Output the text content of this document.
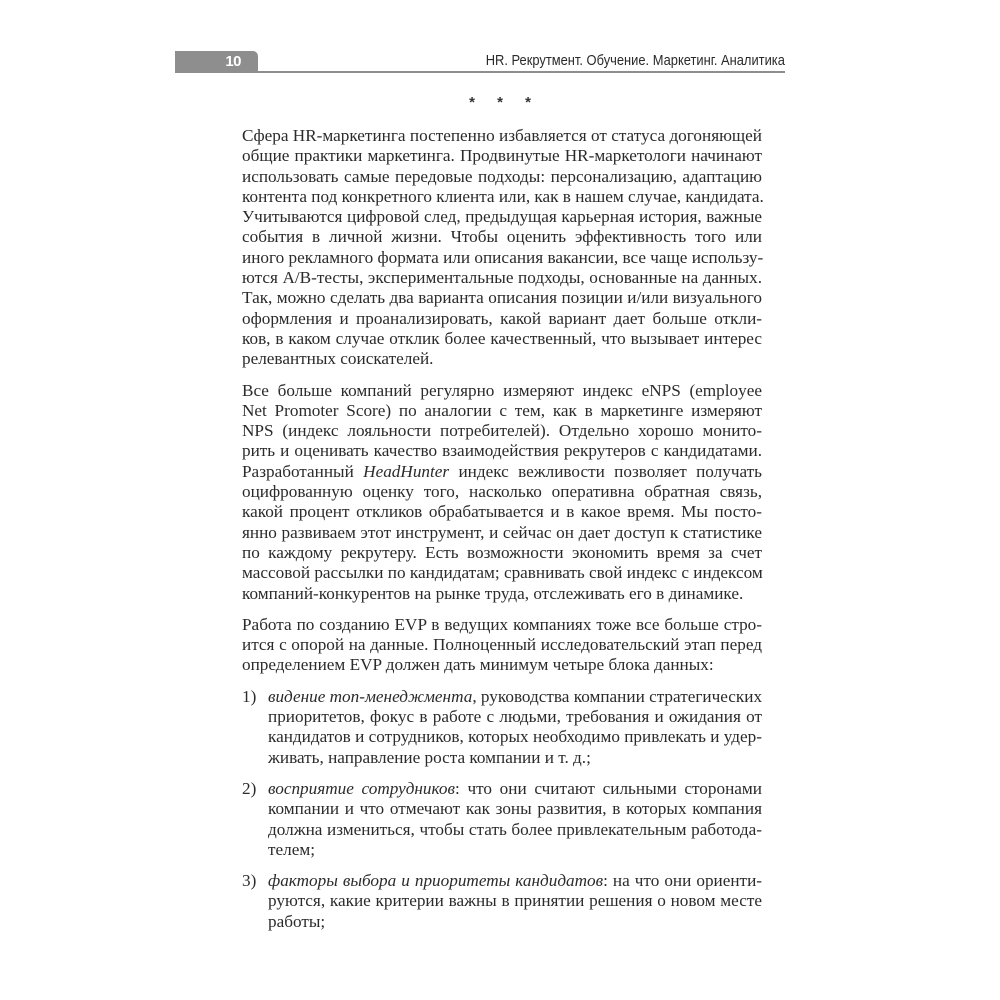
10	HR. Рекрутмент. Обучение. Маркетинг. Аналитика
* * *

Сфера HR-маркетинга постепенно избавляется от статуса догоняющей
общие практики маркетинга. Продвинутые HR-маркетологи начинают
использовать самые передовые подходы: персонализацию, адаптацию
контента под конкретного клиента или, как в нашем случае, кандидата.
Учитываются цифровой след, предыдущая карьерная история, важные
события в личной жизни. Чтобы оценить эффективность того или
иного рекламного формата или описания вакансии, все чаще использу-
ются A/B-тесты, экспериментальные подходы, основанные на данных.
Так, можно сделать два варианта описания позиции и/или визуального
оформления и проанализировать, какой вариант дает больше откли-
ков, в каком случае отклик более качественный, что вызывает интерес
релевантных соискателей.

Все больше компаний регулярно измеряют индекс eNPS (employee
Net Promoter Score) по аналогии с тем, как в маркетинге измеряют
NPS (индекс лояльности потребителей). Отдельно хорошо монито-
рить и оценивать качество взаимодействия рекрутеров с кандидатами.
Разработанный HeadHunter индекс вежливости позволяет получать
оцифрованную оценку того, насколько оперативна обратная связь,
какой процент откликов обрабатывается и в какое время. Мы посто-
янно развиваем этот инструмент, и сейчас он дает доступ к статистике
по каждому рекрутеру. Есть возможности экономить время за счет
массовой рассылки по кандидатам; сравнивать свой индекс с индексом
компаний-конкурентов на рынке труда, отслеживать его в динамике.

Работа по созданию EVP в ведущих компаниях тоже все больше стро-
ится с опорой на данные. Полноценный исследовательский этап перед
определением EVP должен дать минимум четыре блока данных:

1) видение топ-менеджмента, руководства компании стратегических
приоритетов, фокус в работе с людьми, требования и ожидания от
кандидатов и сотрудников, которых необходимо привлекать и удер-
живать, направление роста компании и т. д.;
2) восприятие сотрудников: что они считают сильными сторонами
компании и что отмечают как зоны развития, в которых компания
должна измениться, чтобы стать более привлекательным работода-
телем;
3) факторы выбора и приоритеты кандидатов: на что они ориенти-
руются, какие критерии важны в принятии решения о новом месте
работы;
